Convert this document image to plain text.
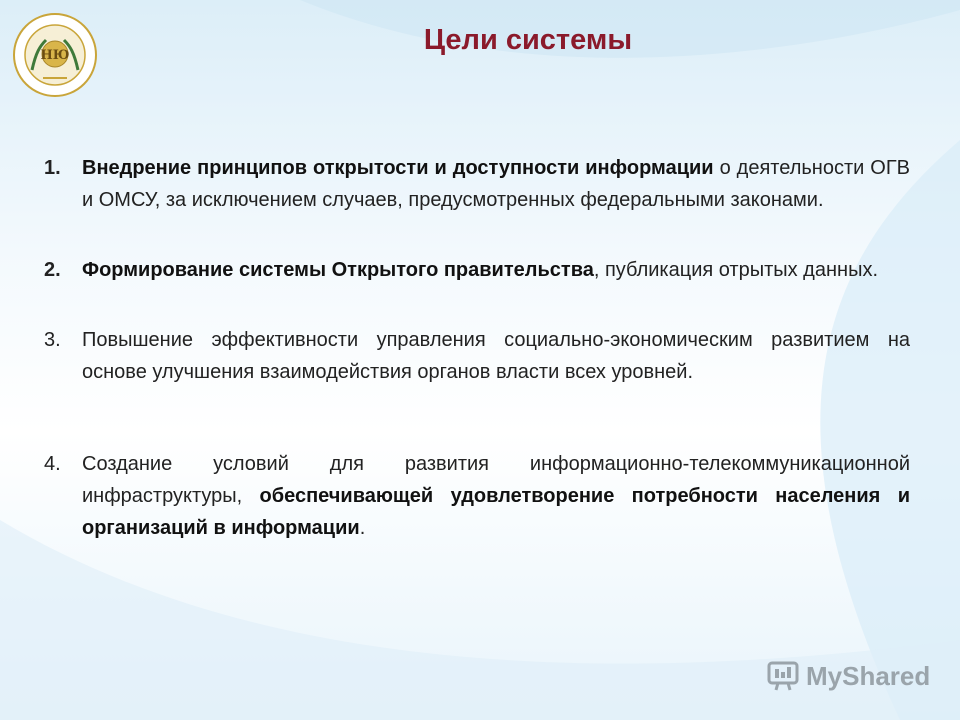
НЮ	Цели системы
1.	Внедрение принципов открытости и доступности информации о деятельности ОГВ и ОМСУ, за исключением случаев, предусмотренных федеральными законами.
2.	Формирование системы Открытого правительства, публикация отрытых данных.
3.	Повышение эффективности управления социально-экономическим развитием на основе улучшения взаимодействия органов власти всех уровней.
4.	Создание условий для развития информационно-телекоммуникационной инфраструктуры, обеспечивающей удовлетворение потребности населения и организаций в информации.
MyShared
